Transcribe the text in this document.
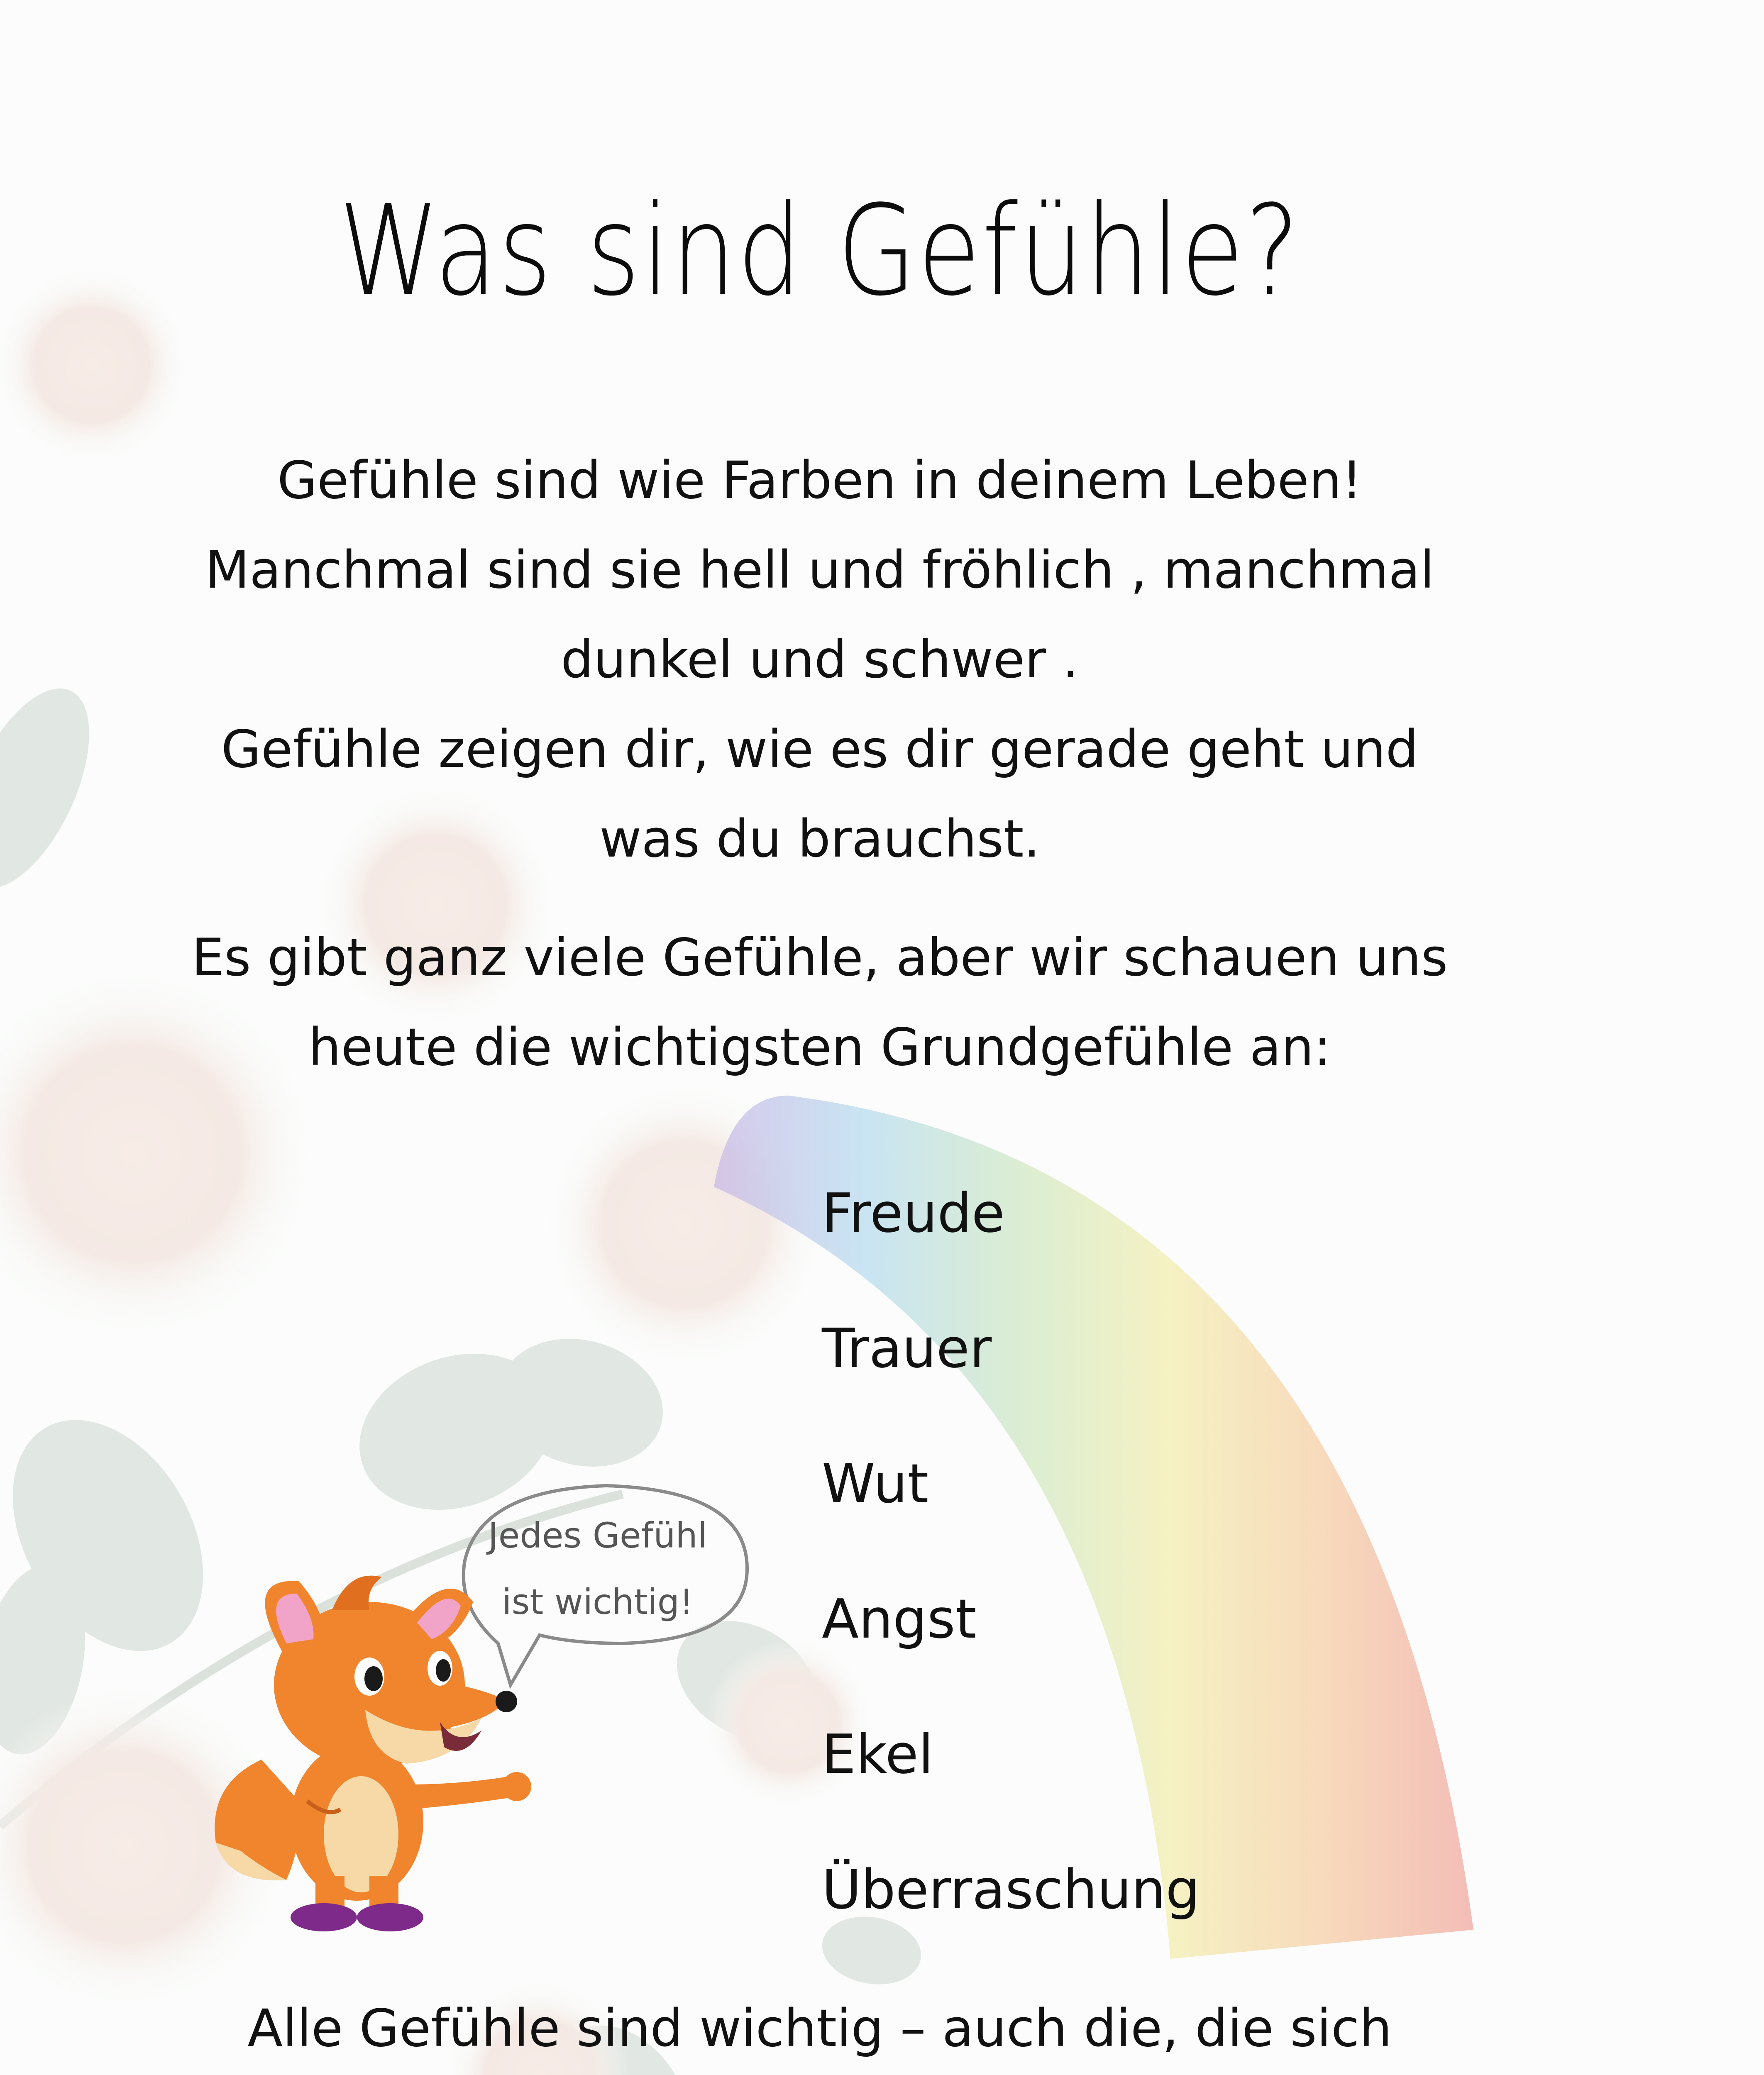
Was sind Gefühle?
Gefühle sind wie Farben in deinem Leben!
Manchmal sind sie hell und fröhlich , manchmal
dunkel und schwer .
Gefühle zeigen dir, wie es dir gerade geht und
was du brauchst.
Es gibt ganz viele Gefühle, aber wir schauen uns
heute die wichtigsten Grundgefühle an:
Freude
Trauer
Wut
Angst
Ekel
Überraschung
Jedes Gefühl
ist wichtig!
Alle Gefühle sind wichtig – auch die, die sich
